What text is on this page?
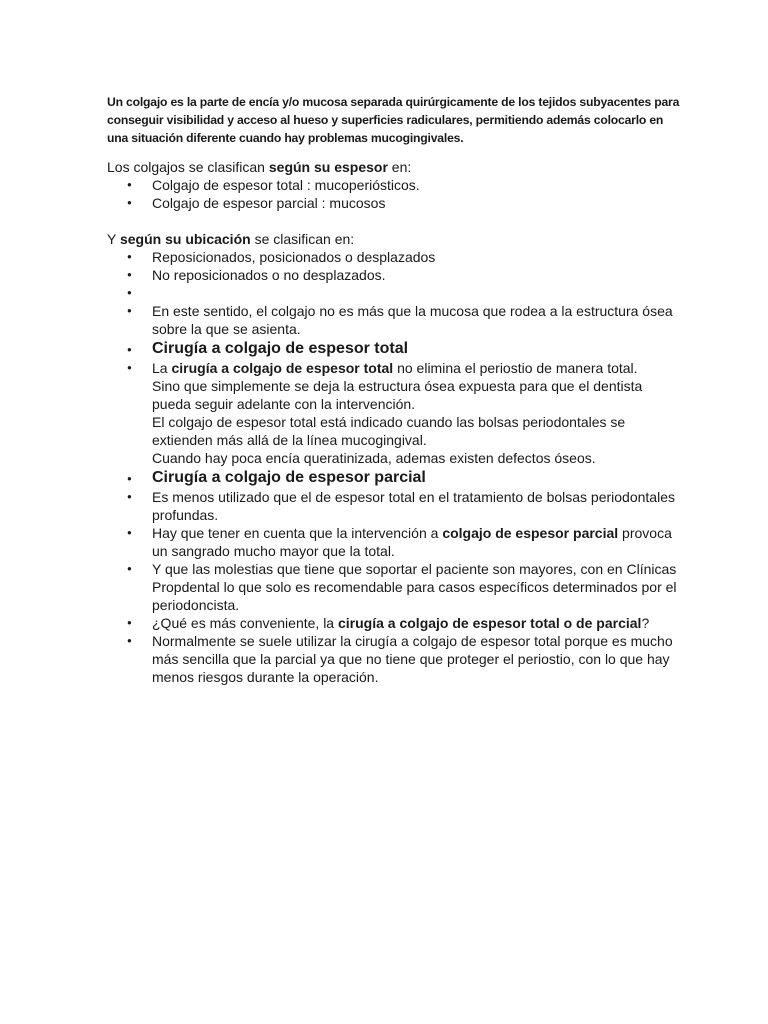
Un colgajo es la parte de encía y/o mucosa separada quirúrgicamente de los tejidos subyacentes para conseguir visibilidad y acceso al hueso y superficies radiculares, permitiendo además colocarlo en una situación diferente cuando hay problemas mucogingivales.

Los colgajos se clasifican según su espesor en:

● Colgajo de espesor total : mucoperiósticos.
● Colgajo de espesor parcial : mucosos

Y según su ubicación se clasifican en:

● Reposicionados, posicionados o desplazados
● No reposicionados o no desplazados.
●
● En este sentido, el colgajo no es más que la mucosa que rodea a la estructura ósea sobre la que se asienta.
● Cirugía a colgajo de espesor total
● La cirugía a colgajo de espesor total no elimina el periostio de manera total.
Sino que simplemente se deja la estructura ósea expuesta para que el dentista pueda seguir adelante con la intervención.
El colgajo de espesor total está indicado cuando las bolsas periodontales se extienden más allá de la línea mucogingival.
Cuando hay poca encía queratinizada, ademas existen defectos óseos.
● Cirugía a colgajo de espesor parcial
● Es menos utilizado que el de espesor total en el tratamiento de bolsas periodontales profundas.
● Hay que tener en cuenta que la intervención a colgajo de espesor parcial provoca un sangrado mucho mayor que la total.
● Y que las molestias que tiene que soportar el paciente son mayores, con en Clínicas Propdental lo que solo es recomendable para casos específicos determinados por el periodoncista.
● ¿Qué es más conveniente, la cirugía a colgajo de espesor total o de parcial?
● Normalmente se suele utilizar la cirugía a colgajo de espesor total porque es mucho más sencilla que la parcial ya que no tiene que proteger el periostio, con lo que hay menos riesgos durante la operación.
